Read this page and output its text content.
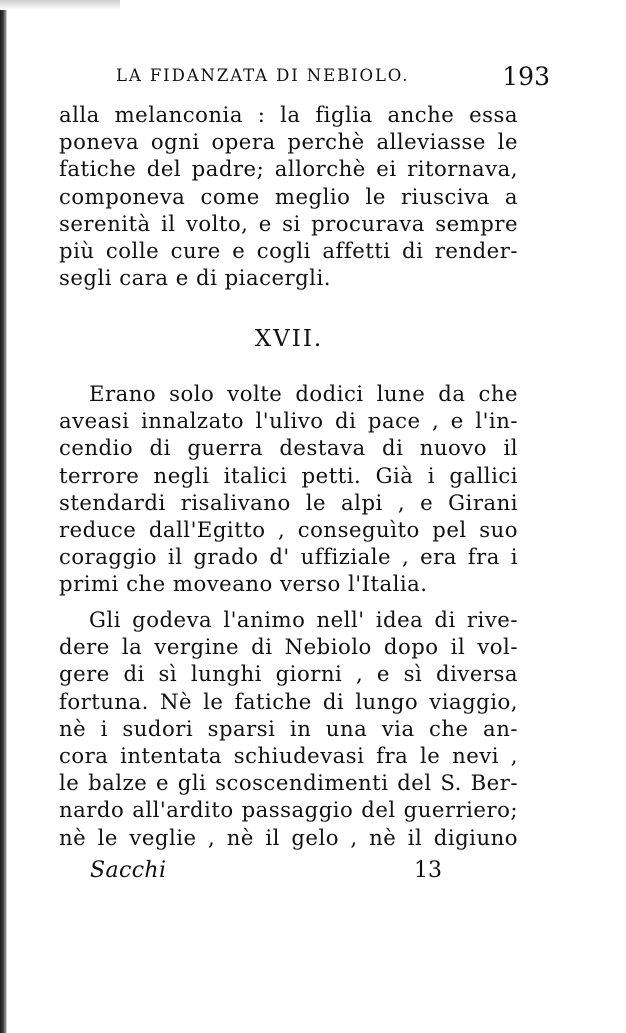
LA FIDANZATA DI NEBIOLO.	193
alla melanconia : la figlia anche essa
poneva ogni opera perchè alleviasse le
fatiche del padre; allorchè ei ritornava,
componeva come meglio le riusciva a
serenità il volto, e si procurava sempre
più colle cure e cogli affetti di render-
segli cara e di piacergli.
XVII.
Erano solo volte dodici lune da che
aveasi innalzato l'ulivo di pace , e l'in-
cendio di guerra destava di nuovo il
terrore negli italici petti. Già i gallici
stendardi risalivano le alpi , e Girani
reduce dall'Egitto , conseguìto pel suo
coraggio il grado d' uffiziale , era fra i
primi che moveano verso l'Italia.
Gli godeva l'animo nell' idea di rive-
dere la vergine di Nebiolo dopo il vol-
gere di sì lunghi giorni , e sì diversa
fortuna. Nè le fatiche di lungo viaggio,
nè i sudori sparsi in una via che an-
cora intentata schiudevasi fra le nevi ,
le balze e gli scoscendimenti del S. Ber-
nardo all'ardito passaggio del guerriero;
nè le veglie , nè il gelo , nè il digiuno
Sacchi	13
